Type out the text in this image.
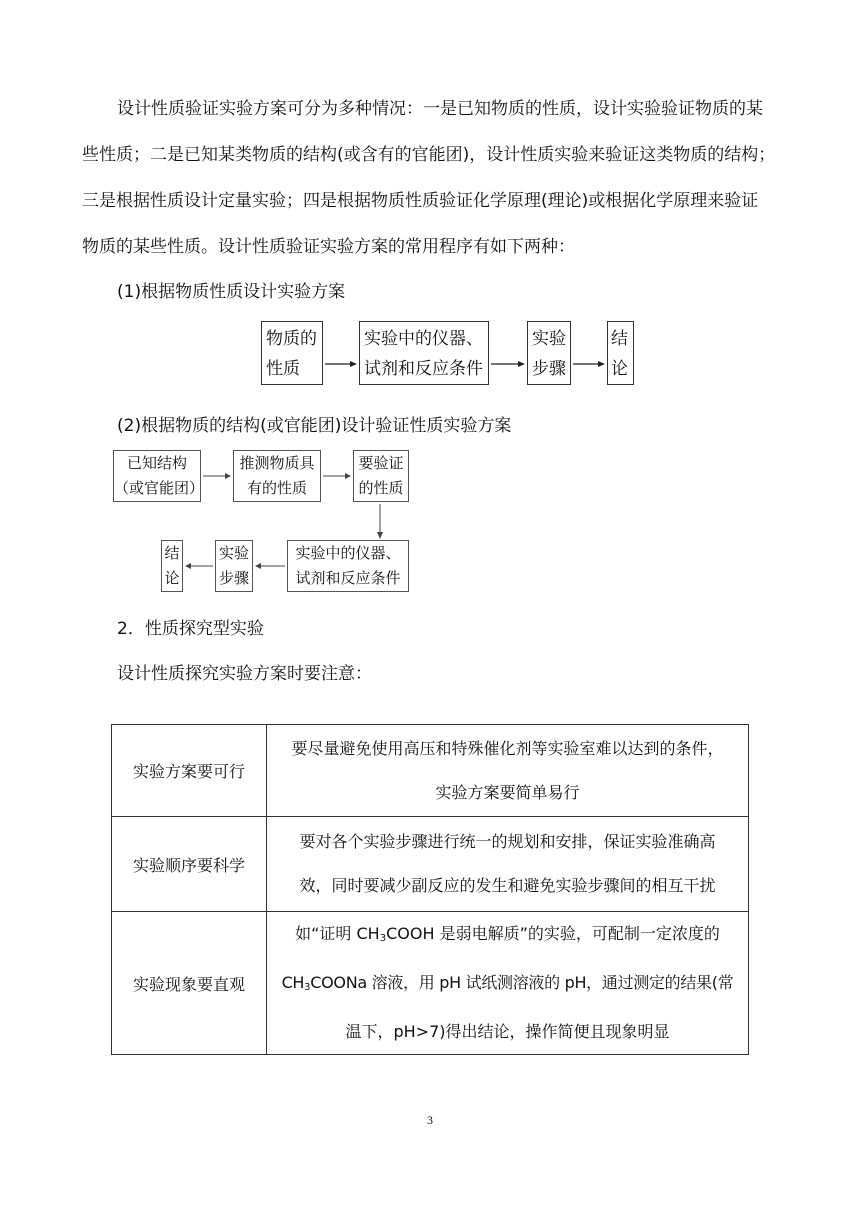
设计性质验证实验方案可分为多种情况：一是已知物质的性质，设计实验验证物质的某
些性质；二是已知某类物质的结构(或含有的官能团)，设计性质实验来验证这类物质的结构；
三是根据性质设计定量实验；四是根据物质性质验证化学原理(理论)或根据化学原理来验证
物质的某些性质。设计性质验证实验方案的常用程序有如下两种：
(1)根据物质性质设计实验方案
物质的
性质
实验中的仪器、
试剂和反应条件
实验
步骤
结
论
(2)根据物质的结构(或官能团)设计验证性质实验方案
已知结构
（或官能团）
推测物质具
有的性质
要验证
的性质
实验中的仪器、
试剂和反应条件
实验
步骤
结
论
2．性质探究型实验
设计性质探究实验方案时要注意：
实验方案要可行	要尽量避免使用高压和特殊催化剂等实验室难以达到的条件，
实验方案要简单易行

实验顺序要科学	要对各个实验步骤进行统一的规划和安排，保证实验准确高
效，同时要减少副反应的发生和避免实验步骤间的相互干扰

实验现象要直观	如“证明 $CH_3COOH$ 是弱电解质”的实验，可配制一定浓度的
$CH_3COONa$ 溶液，用 pH 试纸测溶液的 pH，通过测定的结果(常
温下，pH>7)得出结论，操作简便且现象明显
3
